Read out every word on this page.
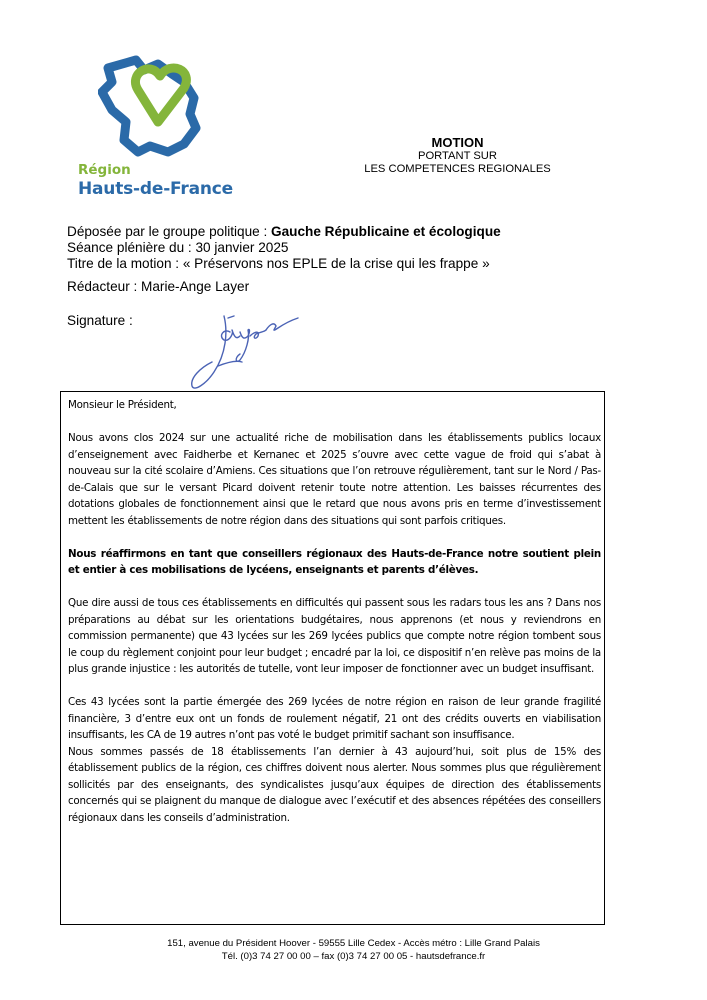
Région
Hauts-de-France
MOTION
PORTANT SUR
LES COMPETENCES REGIONALES
Déposée par le groupe politique : Gauche Républicaine et écologique
Séance plénière du : 30 janvier 2025
Titre de la motion : « Préservons nos EPLE de la crise qui les frappe »
Rédacteur : Marie-Ange Layer
Signature :

Monsieur le Président,

Nous avons clos 2024 sur une actualité riche de mobilisation dans les établissements publics locaux d’enseignement avec Faidherbe et Kernanec et 2025 s’ouvre avec cette vague de froid qui s’abat à nouveau sur la cité scolaire d’Amiens. Ces situations que l’on retrouve régulièrement, tant sur le Nord / Pas-de-Calais que sur le versant Picard doivent retenir toute notre attention. Les baisses récurrentes des dotations globales de fonctionnement ainsi que le retard que nous avons pris en terme d’investissement mettent les établissements de notre région dans des situations qui sont parfois critiques.

Nous réaffirmons en tant que conseillers régionaux des Hauts-de-France notre soutient plein et entier à ces mobilisations de lycéens, enseignants et parents d’élèves.

Que dire aussi de tous ces établissements en difficultés qui passent sous les radars tous les ans ? Dans nos préparations au débat sur les orientations budgétaires, nous apprenons (et nous y reviendrons en commission permanente) que 43 lycées sur les 269 lycées publics que compte notre région tombent sous le coup du règlement conjoint pour leur budget ; encadré par la loi, ce dispositif n’en relève pas moins de la plus grande injustice : les autorités de tutelle, vont leur imposer de fonctionner avec un budget insuffisant.

Ces 43 lycées sont la partie émergée des 269 lycées de notre région en raison de leur grande fragilité financière, 3 d’entre eux ont un fonds de roulement négatif, 21 ont des crédits ouverts en viabilisation insuffisants, les CA de 19 autres n’ont pas voté le budget primitif sachant son insuffisance.

Nous sommes passés de 18 établissements l’an dernier à 43 aujourd’hui, soit plus de 15% des établissement publics de la région, ces chiffres doivent nous alerter. Nous sommes plus que régulièrement sollicités par des enseignants, des syndicalistes jusqu’aux équipes de direction des établissements concernés qui se plaignent du manque de dialogue avec l’exécutif et des absences répétées des conseillers régionaux dans les conseils d’administration.

151, avenue du Président Hoover - 59555 Lille Cedex - Accès métro : Lille Grand Palais
Tél. (0)3 74 27 00 00 – fax (0)3 74 27 00 05 - hautsdefrance.fr
